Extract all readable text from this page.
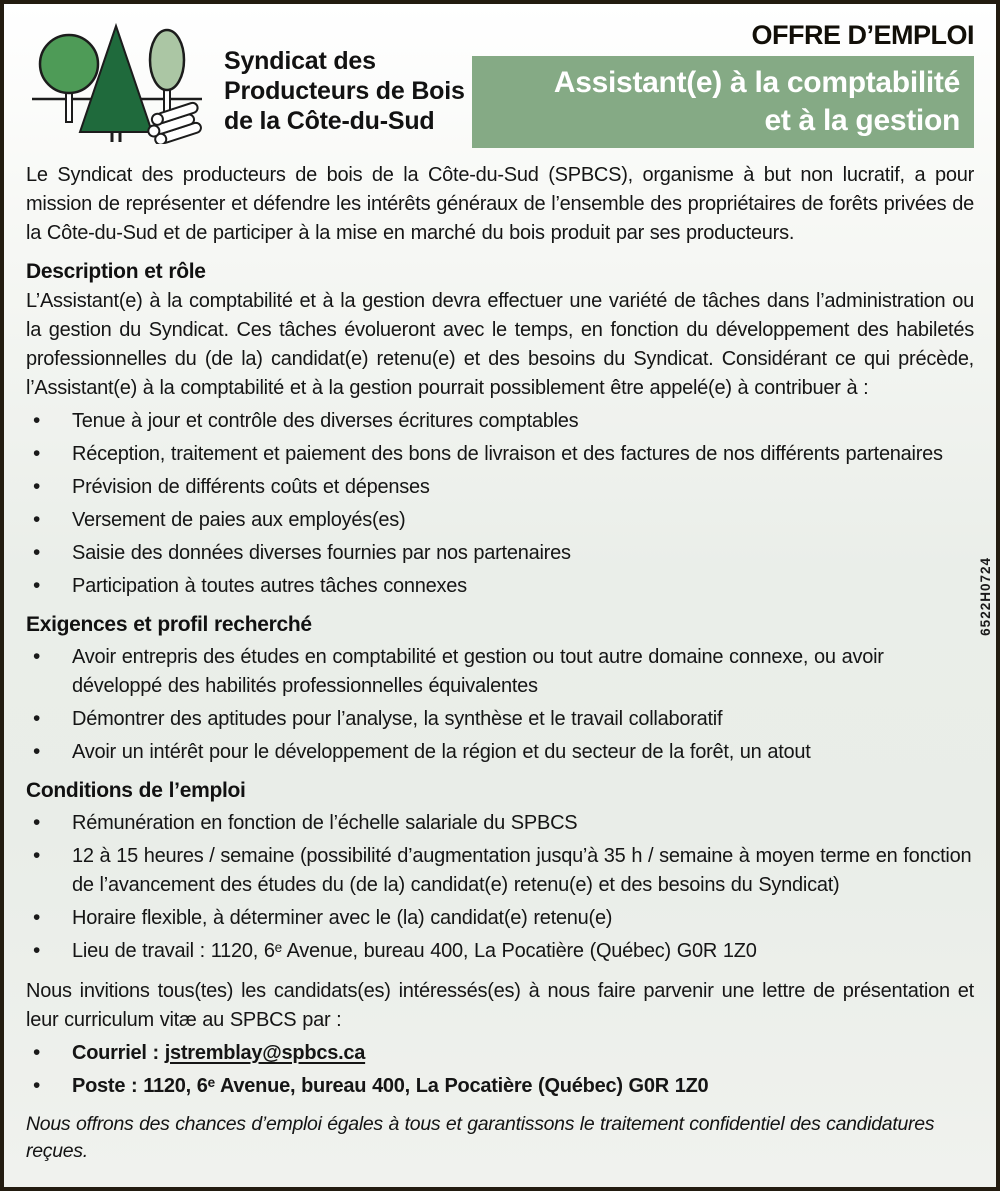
Syndicat des
Producteurs de Bois
de la Côte-du-Sud
OFFRE D’EMPLOI
Assistant(e) à la comptabilité
et à la gestion

Le Syndicat des producteurs de bois de la Côte-du-Sud (SPBCS), organisme à but non lucratif, a pour mission de représenter et défendre les intérêts généraux de l’ensemble des propriétaires de forêts privées de la Côte-du-Sud et de participer à la mise en marché du bois produit par ses producteurs.

Description et rôle

L’Assistant(e) à la comptabilité et à la gestion devra effectuer une variété de tâches dans l’administration ou la gestion du Syndicat. Ces tâches évolueront avec le temps, en fonction du développement des habiletés professionnelles du (de la) candidat(e) retenu(e) et des besoins du Syndicat. Considérant ce qui précède, l’Assistant(e) à la comptabilité et à la gestion pourrait possiblement être appelé(e) à contribuer à :

• Tenue à jour et contrôle des diverses écritures comptables
• Réception, traitement et paiement des bons de livraison et des factures de nos différents partenaires
• Prévision de différents coûts et dépenses
• Versement de paies aux employés(es)
• Saisie des données diverses fournies par nos partenaires
• Participation à toutes autres tâches connexes
Exigences et profil recherché
• Avoir entrepris des études en comptabilité et gestion ou tout autre domaine connexe, ou avoir développé des habilités professionnelles équivalentes
• Démontrer des aptitudes pour l’analyse, la synthèse et le travail collaboratif
• Avoir un intérêt pour le développement de la région et du secteur de la forêt, un atout
Conditions de l’emploi
• Rémunération en fonction de l’échelle salariale du SPBCS
• 12 à 15 heures / semaine (possibilité d’augmentation jusqu’à 35 h / semaine à moyen terme en fonction de l’avancement des études du (de la) candidat(e) retenu(e) et des besoins du Syndicat)
• Horaire flexible, à déterminer avec le (la) candidat(e) retenu(e)
• Lieu de travail : 1120, 6ᵉ Avenue, bureau 400, La Pocatière (Québec) G0R 1Z0

Nous invitions tous(tes) les candidats(es) intéressés(es) à nous faire parvenir une lettre de présentation et leur curriculum vitæ au SPBCS par :

• Courriel : jstremblay@spbcs.ca
• Poste : 1120, 6ᵉ Avenue, bureau 400, La Pocatière (Québec) G0R 1Z0

Nous offrons des chances d’emploi égales à tous et garantissons le traitement confidentiel des candidatures reçues.

6522H0724
